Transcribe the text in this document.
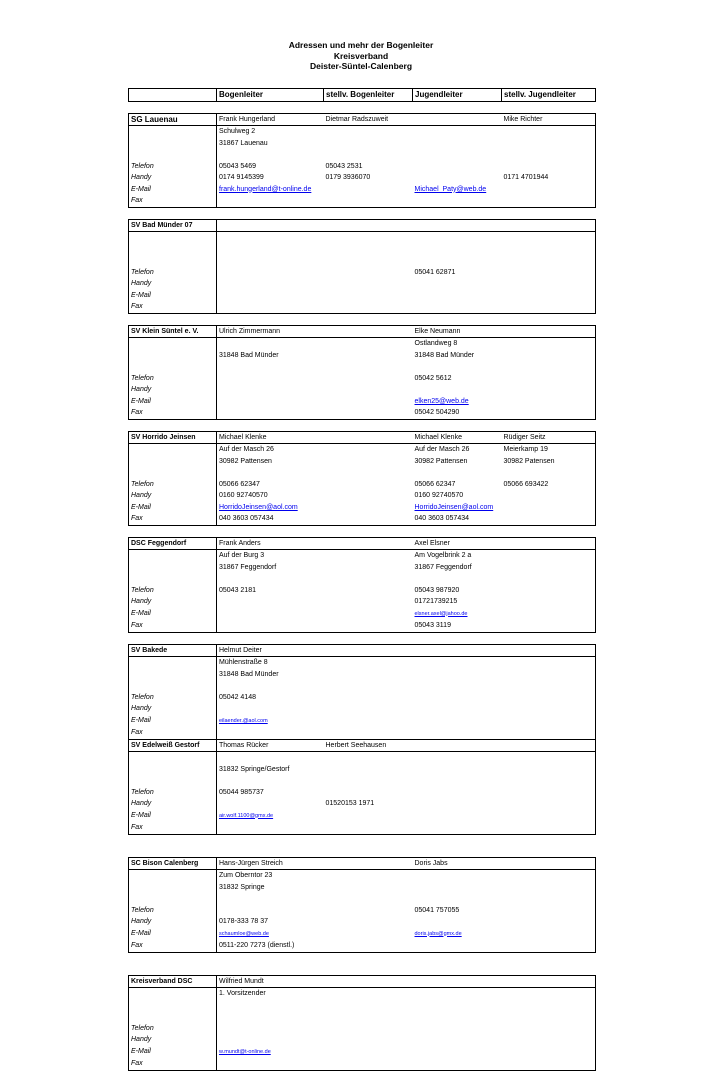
Adressen und mehr der Bogenleiter
Kreisverband
Deister-Süntel-Calenberg
	Bogenleiter	stellv. Bogenleiter	Jugendleiter	stellv. Jugendleiter

SG Lauenau	Frank Hungerland	Dietmar Radszuweit		Mike Richter
	Schulweg 2			
	31867 Lauenau			

Telefon	05043 5469	05043 2531		
Handy	0174 9145399	0179 3936070		0171 4701944
E-Mail	frank.hungerland@t-online.de		Michael_Paty@web.de	
Fax				

SV Bad Münder 07				

Telefon			05041 62871	
Handy				
E-Mail				
Fax				

SV Klein Süntel e. V.	Ulrich Zimmermann		Elke Neumann	
			Ostlandweg 8	
	31848 Bad Münder		31848 Bad Münder	

Telefon			05042 5612	
Handy				
E-Mail			elken25@web.de	
Fax			05042 504290	

SV Horrido Jeinsen	Michael Klenke		Michael Klenke	Rüdiger Seitz
	Auf der Masch 26		Auf der Masch 26	Meierkamp 19
	30982 Pattensen		30982 Pattensen	30982 Patensen

Telefon	05066 62347		05066 62347	05066 693422
Handy	0160 92740570		0160 92740570	
E-Mail	HorridoJeinsen@aol.com		HorridoJeinsen@aol.com	
Fax	040 3603 057434		040 3603 057434	

DSC Feggendorf	Frank Anders		Axel Elsner	
	Auf der Burg 3		Am Vogelbrink 2 a	
	31867 Feggendorf		31867 Feggendorf	

Telefon	05043 2181		05043 987920	
Handy			01721739215	
E-Mail			elsner.axel@jahoo.de	
Fax			05043 3119	

SV Bakede	Helmut Deiter			
	Mühlenstraße 8			
	31848 Bad Münder			

Telefon	05042 4148			
Handy				
E-Mail	eilaender.@aol.com			
Fax				
SV Edelweiß Gestorf	Thomas Rücker	Herbert Seehausen		

	31832 Springe/Gestorf			

Telefon	05044 985737			
Handy		01520153 1971		
E-Mail	air.wolf.1100@gmx.de			
Fax				

SC Bison Calenberg	Hans-Jürgen Streich		Doris Jabs	
	Zum Oberntor 23			
	31832 Springe			

Telefon			05041 757055	
Handy	0178-333 78 37			
E-Mail	schaumloe@web.de		doris.jabs@gmx.de	
Fax	0511-220 7273 (dienstl.)			

Kreisverband DSC	Wilfried Mundt			
	1. Vorsitzender			

Telefon				
Handy				
E-Mail	w.mundt@t-online.de			
Fax				
